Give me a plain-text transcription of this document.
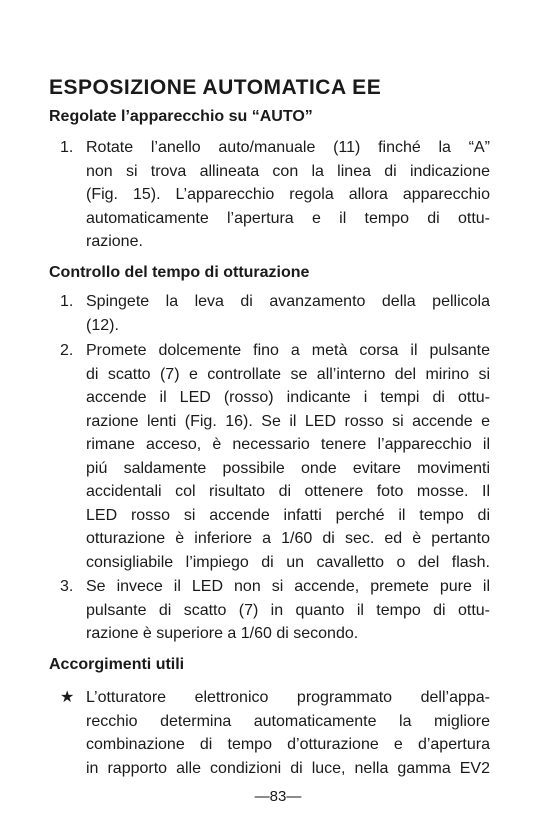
ESPOSIZIONE AUTOMATICA EE
Regolate l’apparecchio su “AUTO”
1. Rotate l’anello auto/manuale (11) finché la “A”
non si trova allineata con la linea di indicazione
(Fig. 15). L’apparecchio regola allora apparecchio
automaticamente l’apertura e il tempo di ottu-
razione.
Controllo del tempo di otturazione
1. Spingete la leva di avanzamento della pellicola
(12).
2. Promete dolcemente fino a metà corsa il pulsante
di scatto (7) e controllate se all’interno del mirino si
accende il LED (rosso) indicante i tempi di ottu-
razione lenti (Fig. 16). Se il LED rosso si accende e
rimane acceso, è necessario tenere l’apparecchio il
piú saldamente possibile onde evitare movimenti
accidentali col risultato di ottenere foto mosse. Il
LED rosso si accende infatti perché il tempo di
otturazione è inferiore a 1/60 di sec. ed è pertanto
consigliabile l’impiego di un cavalletto o del flash.
3. Se invece il LED non si accende, premete pure il
pulsante di scatto (7) in quanto il tempo di ottu-
razione è superiore a 1/60 di secondo.
Accorgimenti utili
★ L’otturatore elettronico programmato dell’appa-
recchio determina automaticamente la migliore
combinazione di tempo d’otturazione e d’apertura
in rapporto alle condizioni di luce, nella gamma EV2
—83—
